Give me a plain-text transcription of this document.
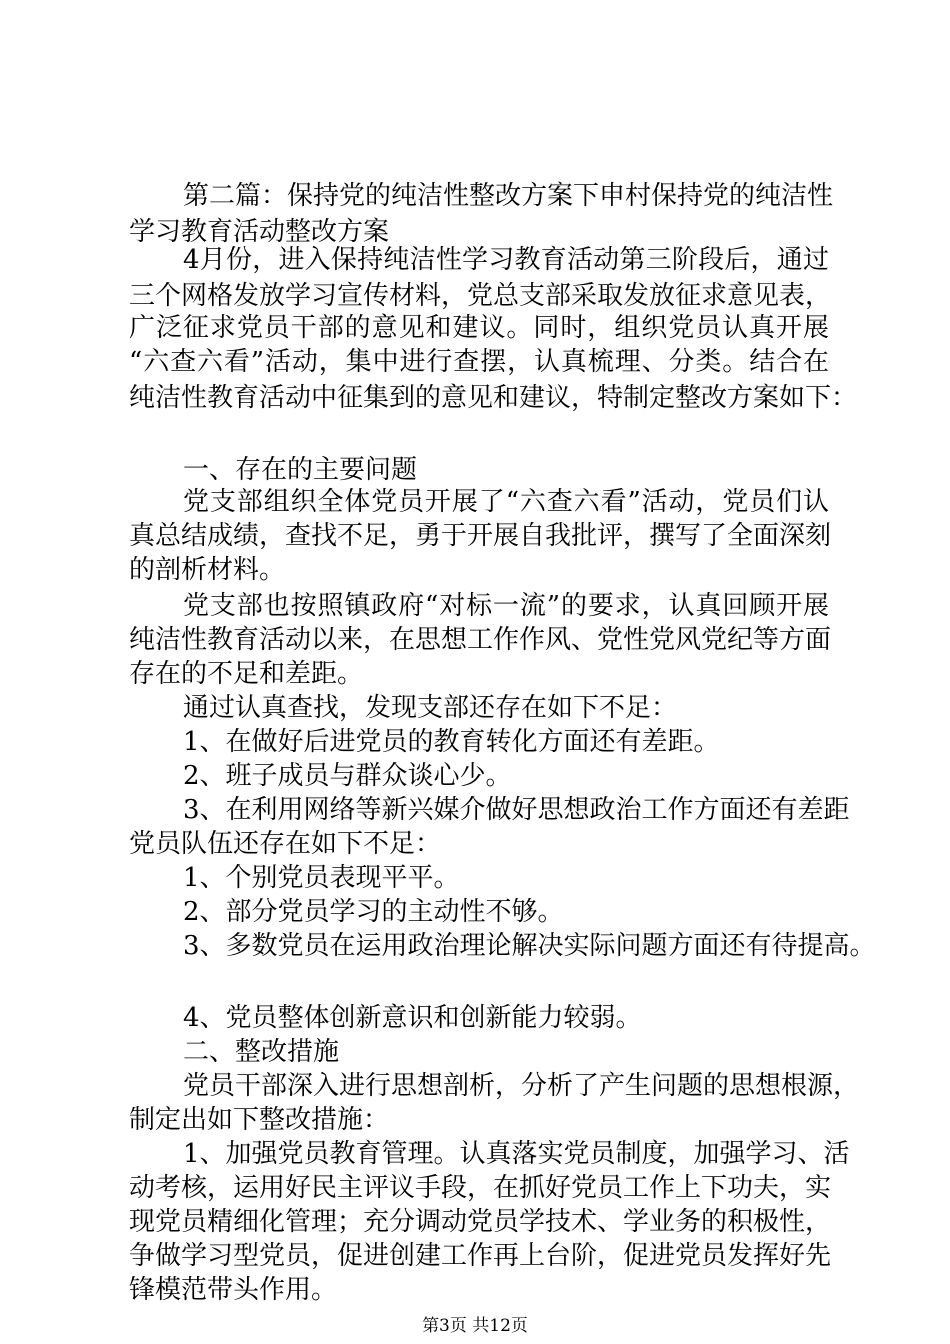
第二篇：保持党的纯洁性整改方案下申村保持党的纯洁性
学习教育活动整改方案
4月份，进入保持纯洁性学习教育活动第三阶段后，通过
三个网格发放学习宣传材料，党总支部采取发放征求意见表，
广泛征求党员干部的意见和建议。同时，组织党员认真开展
“六查六看”活动，集中进行查摆，认真梳理、分类。结合在
纯洁性教育活动中征集到的意见和建议，特制定整改方案如下：
一、存在的主要问题
党支部组织全体党员开展了“六查六看”活动，党员们认
真总结成绩，查找不足，勇于开展自我批评，撰写了全面深刻
的剖析材料。
党支部也按照镇政府“对标一流”的要求，认真回顾开展
纯洁性教育活动以来，在思想工作作风、党性党风党纪等方面
存在的不足和差距。
通过认真查找，发现支部还存在如下不足：
1、在做好后进党员的教育转化方面还有差距。
2、班子成员与群众谈心少。
3、在利用网络等新兴媒介做好思想政治工作方面还有差距
党员队伍还存在如下不足：
1、个别党员表现平平。
2、部分党员学习的主动性不够。
3、多数党员在运用政治理论解决实际问题方面还有待提高。
4、党员整体创新意识和创新能力较弱。
二、整改措施
党员干部深入进行思想剖析，分析了产生问题的思想根源，
制定出如下整改措施：
1、加强党员教育管理。认真落实党员制度，加强学习、活
动考核，运用好民主评议手段，在抓好党员工作上下功夫，实
现党员精细化管理；充分调动党员学技术、学业务的积极性，
争做学习型党员，促进创建工作再上台阶，促进党员发挥好先
锋模范带头作用。
第3页 共12页
